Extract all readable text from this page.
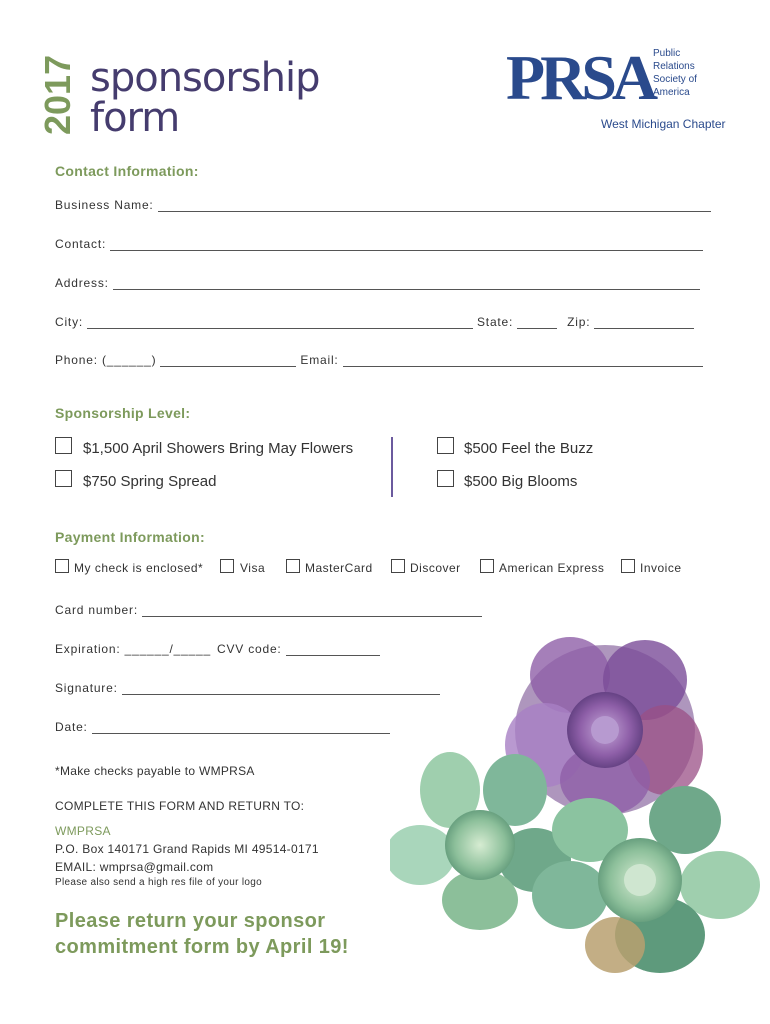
2017 sponsorship
form
PRSA Public
Relations
Society of
America
West Michigan Chapter
Contact Information:
Business Name:
Contact:
Address:
City:	State:	Zip:
Phone: (______)	Email:
Sponsorship Level:
$1,500 April Showers Bring May Flowers
$750 Spring Spread
$500 Feel the Buzz
$500 Big Blooms
Payment Information:
My check is enclosed*	Visa	MasterCard	Discover	American Express	Invoice
Card number:
Expiration: ______/_____ CVV code:
Signature:
Date:
*Make checks payable to WMPRSA
COMPLETE THIS FORM AND RETURN TO:
WMPRSA
P.O. Box 140171 Grand Rapids MI 49514-0171
EMAIL: wmprsa@gmail.com
Please also send a high res file of your logo
Please return your sponsor
commitment form by April 19!
